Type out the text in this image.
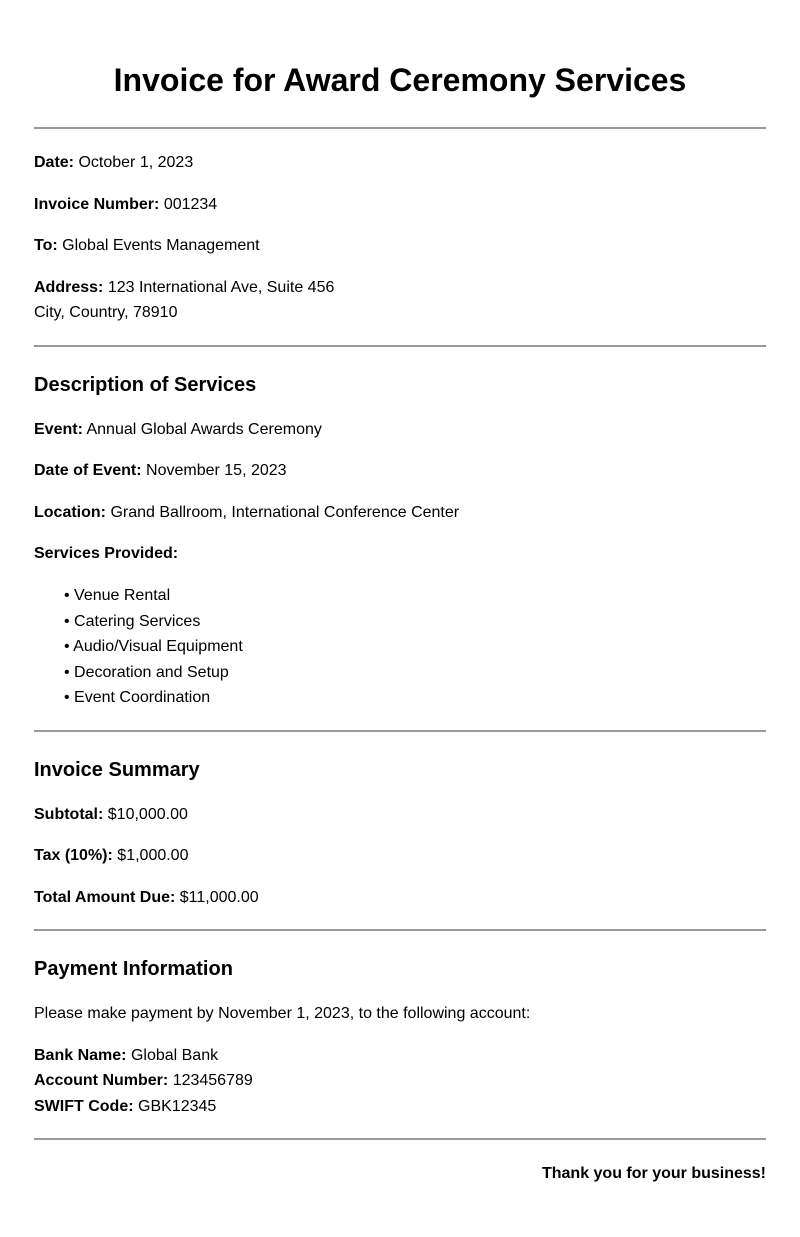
Invoice for Award Ceremony Services
Date: October 1, 2023
Invoice Number: 001234
To: Global Events Management
Address: 123 International Ave, Suite 456
City, Country, 78910
Description of Services
Event: Annual Global Awards Ceremony
Date of Event: November 15, 2023
Location: Grand Ballroom, International Conference Center
Services Provided:
• Venue Rental
• Catering Services
• Audio/Visual Equipment
• Decoration and Setup
• Event Coordination
Invoice Summary
Subtotal: $10,000.00
Tax (10%): $1,000.00
Total Amount Due: $11,000.00
Payment Information
Please make payment by November 1, 2023, to the following account:
Bank Name: Global Bank
Account Number: 123456789
SWIFT Code: GBK12345
Thank you for your business!
